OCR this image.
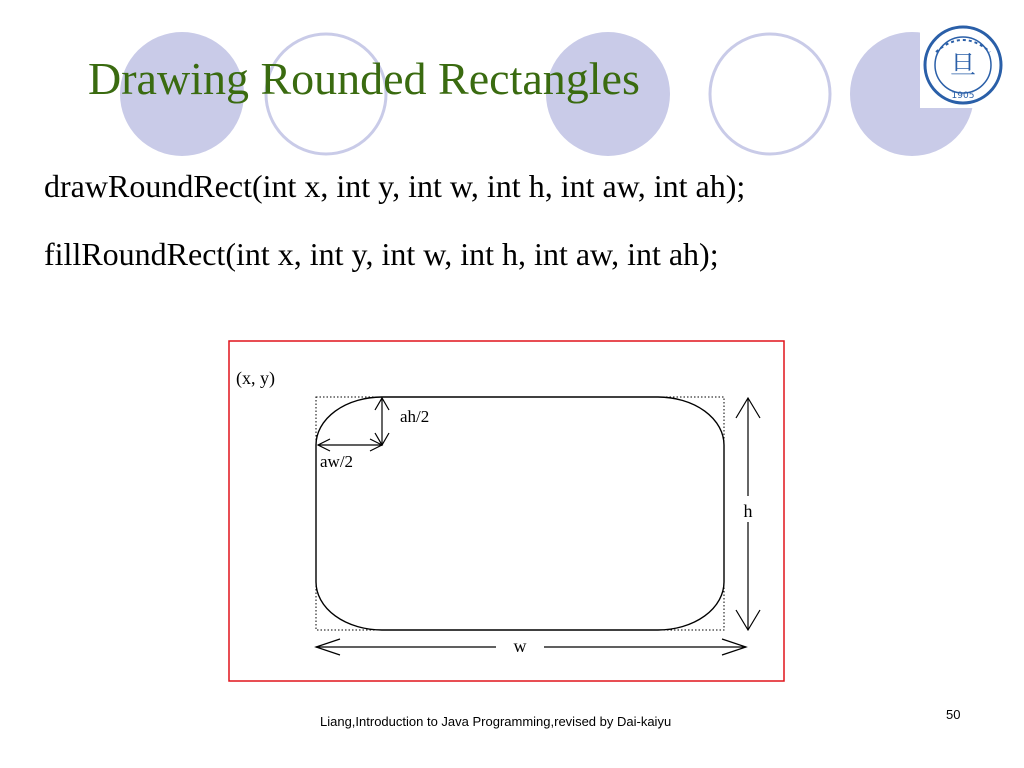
Drawing Rounded Rectangles	旦
1905
drawRoundRect(int x, int y, int w, int h, int aw, int ah);
fillRoundRect(int x, int y, int w, int h, int aw, int ah);
(x, y)
ah/2
aw/2
h
w
Liang,Introduction to Java Programming,revised by Dai-kaiyu	50
